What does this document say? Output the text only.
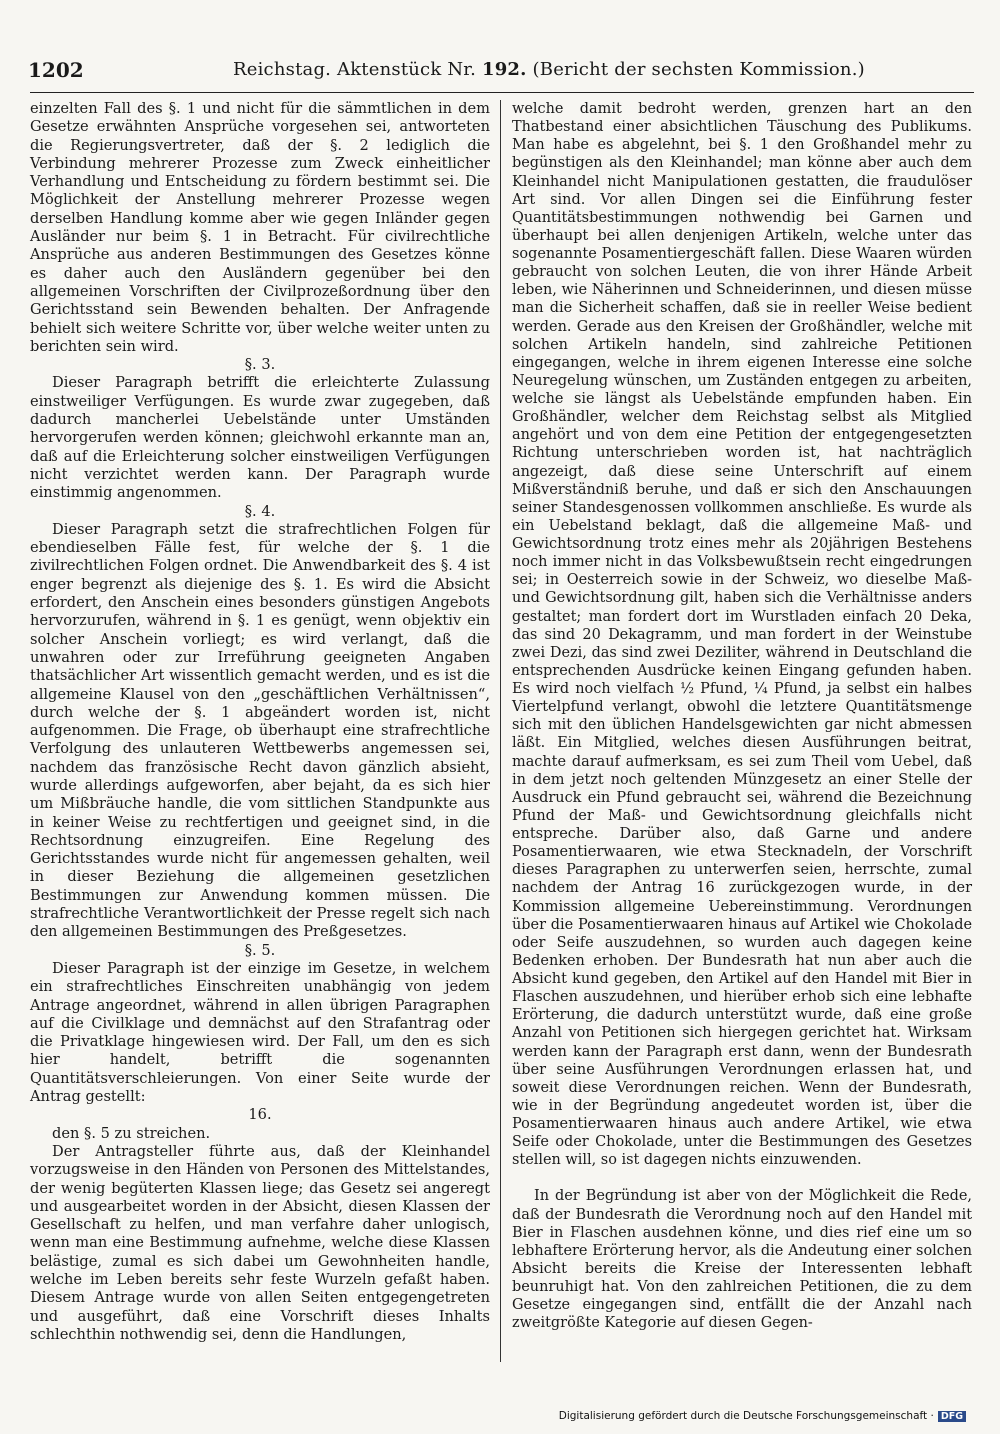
1202	Reichstag. Aktenstück Nr. 192. (Bericht der sechsten Kommission.)

einzelten Fall des §. 1 und nicht für die sämmtlichen in dem Gesetze erwähnten Ansprüche vorgesehen sei, antworteten die Regierungsvertreter, daß der §. 2 lediglich die Verbindung mehrerer Prozesse zum Zweck einheitlicher Verhandlung und Entscheidung zu fördern bestimmt sei. Die Möglichkeit der Anstellung mehrerer Prozesse wegen derselben Handlung komme aber wie gegen Inländer gegen Ausländer nur beim §. 1 in Betracht. Für civilrechtliche Ansprüche aus anderen Bestimmungen des Gesetzes könne es daher auch den Ausländern gegenüber bei den allgemeinen Vorschriften der Civilprozeßordnung über den Gerichtsstand sein Bewenden behalten. Der Anfragende behielt sich weitere Schritte vor, über welche weiter unten zu berichten sein wird.

§. 3.

Dieser Paragraph betrifft die erleichterte Zulassung einstweiliger Verfügungen. Es wurde zwar zugegeben, daß dadurch mancherlei Uebelstände unter Umständen hervorgerufen werden können; gleichwohl erkannte man an, daß auf die Erleichterung solcher einstweiligen Verfügungen nicht verzichtet werden kann. Der Paragraph wurde einstimmig angenommen.

§. 4.

Dieser Paragraph setzt die strafrechtlichen Folgen für ebendieselben Fälle fest, für welche der §. 1 die zivilrechtlichen Folgen ordnet. Die Anwendbarkeit des §. 4 ist enger begrenzt als diejenige des §. 1. Es wird die Absicht erfordert, den Anschein eines besonders günstigen Angebots hervorzurufen, während in §. 1 es genügt, wenn objektiv ein solcher Anschein vorliegt; es wird verlangt, daß die unwahren oder zur Irreführung geeigneten Angaben thatsächlicher Art wissentlich gemacht werden, und es ist die allgemeine Klausel von den „geschäftlichen Verhältnissen“, durch welche der §. 1 abgeändert worden ist, nicht aufgenommen. Die Frage, ob überhaupt eine strafrechtliche Verfolgung des unlauteren Wettbewerbs angemessen sei, nachdem das französische Recht davon gänzlich absieht, wurde allerdings aufgeworfen, aber bejaht, da es sich hier um Mißbräuche handle, die vom sittlichen Standpunkte aus in keiner Weise zu rechtfertigen und geeignet sind, in die Rechtsordnung einzugreifen. Eine Regelung des Gerichtsstandes wurde nicht für angemessen gehalten, weil in dieser Beziehung die allgemeinen gesetzlichen Bestimmungen zur Anwendung kommen müssen. Die strafrechtliche Verantwortlichkeit der Presse regelt sich nach den allgemeinen Bestimmungen des Preßgesetzes.

§. 5.

Dieser Paragraph ist der einzige im Gesetze, in welchem ein strafrechtliches Einschreiten unabhängig von jedem Antrage angeordnet, während in allen übrigen Paragraphen auf die Civilklage und demnächst auf den Strafantrag oder die Privatklage hingewiesen wird. Der Fall, um den es sich hier handelt, betrifft die sogenannten Quantitätsverschleierungen. Von einer Seite wurde der Antrag gestellt:

16.

den §. 5 zu streichen.

Der Antragsteller führte aus, daß der Kleinhandel vorzugsweise in den Händen von Personen des Mittelstandes, der wenig begüterten Klassen liege; das Gesetz sei angeregt und ausgearbeitet worden in der Absicht, diesen Klassen der Gesellschaft zu helfen, und man verfahre daher unlogisch, wenn man eine Bestimmung aufnehme, welche diese Klassen belästige, zumal es sich dabei um Gewohnheiten handle, welche im Leben bereits sehr feste Wurzeln gefaßt haben. Diesem Antrage wurde von allen Seiten entgegengetreten und ausgeführt, daß eine Vorschrift dieses Inhalts schlechthin nothwendig sei, denn die Handlungen,

welche damit bedroht werden, grenzen hart an den Thatbestand einer absichtlichen Täuschung des Publikums. Man habe es abgelehnt, bei §. 1 den Großhandel mehr zu begünstigen als den Kleinhandel; man könne aber auch dem Kleinhandel nicht Manipulationen gestatten, die fraudulöser Art sind. Vor allen Dingen sei die Einführung fester Quantitätsbestimmungen nothwendig bei Garnen und überhaupt bei allen denjenigen Artikeln, welche unter das sogenannte Posamentiergeschäft fallen. Diese Waaren würden gebraucht von solchen Leuten, die von ihrer Hände Arbeit leben, wie Näherinnen und Schneiderinnen, und diesen müsse man die Sicherheit schaffen, daß sie in reeller Weise bedient werden. Gerade aus den Kreisen der Großhändler, welche mit solchen Artikeln handeln, sind zahlreiche Petitionen eingegangen, welche in ihrem eigenen Interesse eine solche Neuregelung wünschen, um Zuständen entgegen zu arbeiten, welche sie längst als Uebelstände empfunden haben. Ein Großhändler, welcher dem Reichstag selbst als Mitglied angehört und von dem eine Petition der entgegengesetzten Richtung unterschrieben worden ist, hat nachträglich angezeigt, daß diese seine Unterschrift auf einem Mißverständniß beruhe, und daß er sich den Anschauungen seiner Standesgenossen vollkommen anschließe. Es wurde als ein Uebelstand beklagt, daß die allgemeine Maß- und Gewichtsordnung trotz eines mehr als 20jährigen Bestehens noch immer nicht in das Volksbewußtsein recht eingedrungen sei; in Oesterreich sowie in der Schweiz, wo dieselbe Maß- und Gewichtsordnung gilt, haben sich die Verhältnisse anders gestaltet; man fordert dort im Wurstladen einfach 20 Deka, das sind 20 Dekagramm, und man fordert in der Weinstube zwei Dezi, das sind zwei Deziliter, während in Deutschland die entsprechenden Ausdrücke keinen Eingang gefunden haben. Es wird noch vielfach ½ Pfund, ¼ Pfund, ja selbst ein halbes Viertelpfund verlangt, obwohl die letztere Quantitätsmenge sich mit den üblichen Handelsgewichten gar nicht abmessen läßt. Ein Mitglied, welches diesen Ausführungen beitrat, machte darauf aufmerksam, es sei zum Theil vom Uebel, daß in dem jetzt noch geltenden Münzgesetz an einer Stelle der Ausdruck ein Pfund gebraucht sei, während die Bezeichnung Pfund der Maß- und Gewichtsordnung gleichfalls nicht entspreche. Darüber also, daß Garne und andere Posamentierwaaren, wie etwa Stecknadeln, der Vorschrift dieses Paragraphen zu unterwerfen seien, herrschte, zumal nachdem der Antrag 16 zurückgezogen wurde, in der Kommission allgemeine Uebereinstimmung. Verordnungen über die Posamentierwaaren hinaus auf Artikel wie Chokolade oder Seife auszudehnen, so wurden auch dagegen keine Bedenken erhoben. Der Bundesrath hat nun aber auch die Absicht kund gegeben, den Artikel auf den Handel mit Bier in Flaschen auszudehnen, und hierüber erhob sich eine lebhafte Erörterung, die dadurch unterstützt wurde, daß eine große Anzahl von Petitionen sich hiergegen gerichtet hat. Wirksam werden kann der Paragraph erst dann, wenn der Bundesrath über seine Ausführungen Verordnungen erlassen hat, und soweit diese Verordnungen reichen. Wenn der Bundesrath, wie in der Begründung angedeutet worden ist, über die Posamentierwaaren hinaus auch andere Artikel, wie etwa Seife oder Chokolade, unter die Bestimmungen des Gesetzes stellen will, so ist dagegen nichts einzuwenden.

In der Begründung ist aber von der Möglichkeit die Rede, daß der Bundesrath die Verordnung noch auf den Handel mit Bier in Flaschen ausdehnen könne, und dies rief eine um so lebhaftere Erörterung hervor, als die Andeutung einer solchen Absicht bereits die Kreise der Interessenten lebhaft beunruhigt hat. Von den zahlreichen Petitionen, die zu dem Gesetze eingegangen sind, entfällt die der Anzahl nach zweitgrößte Kategorie auf diesen Gegen-

Digitalisierung gefördert durch die Deutsche Forschungsgemeinschaft · DFG
